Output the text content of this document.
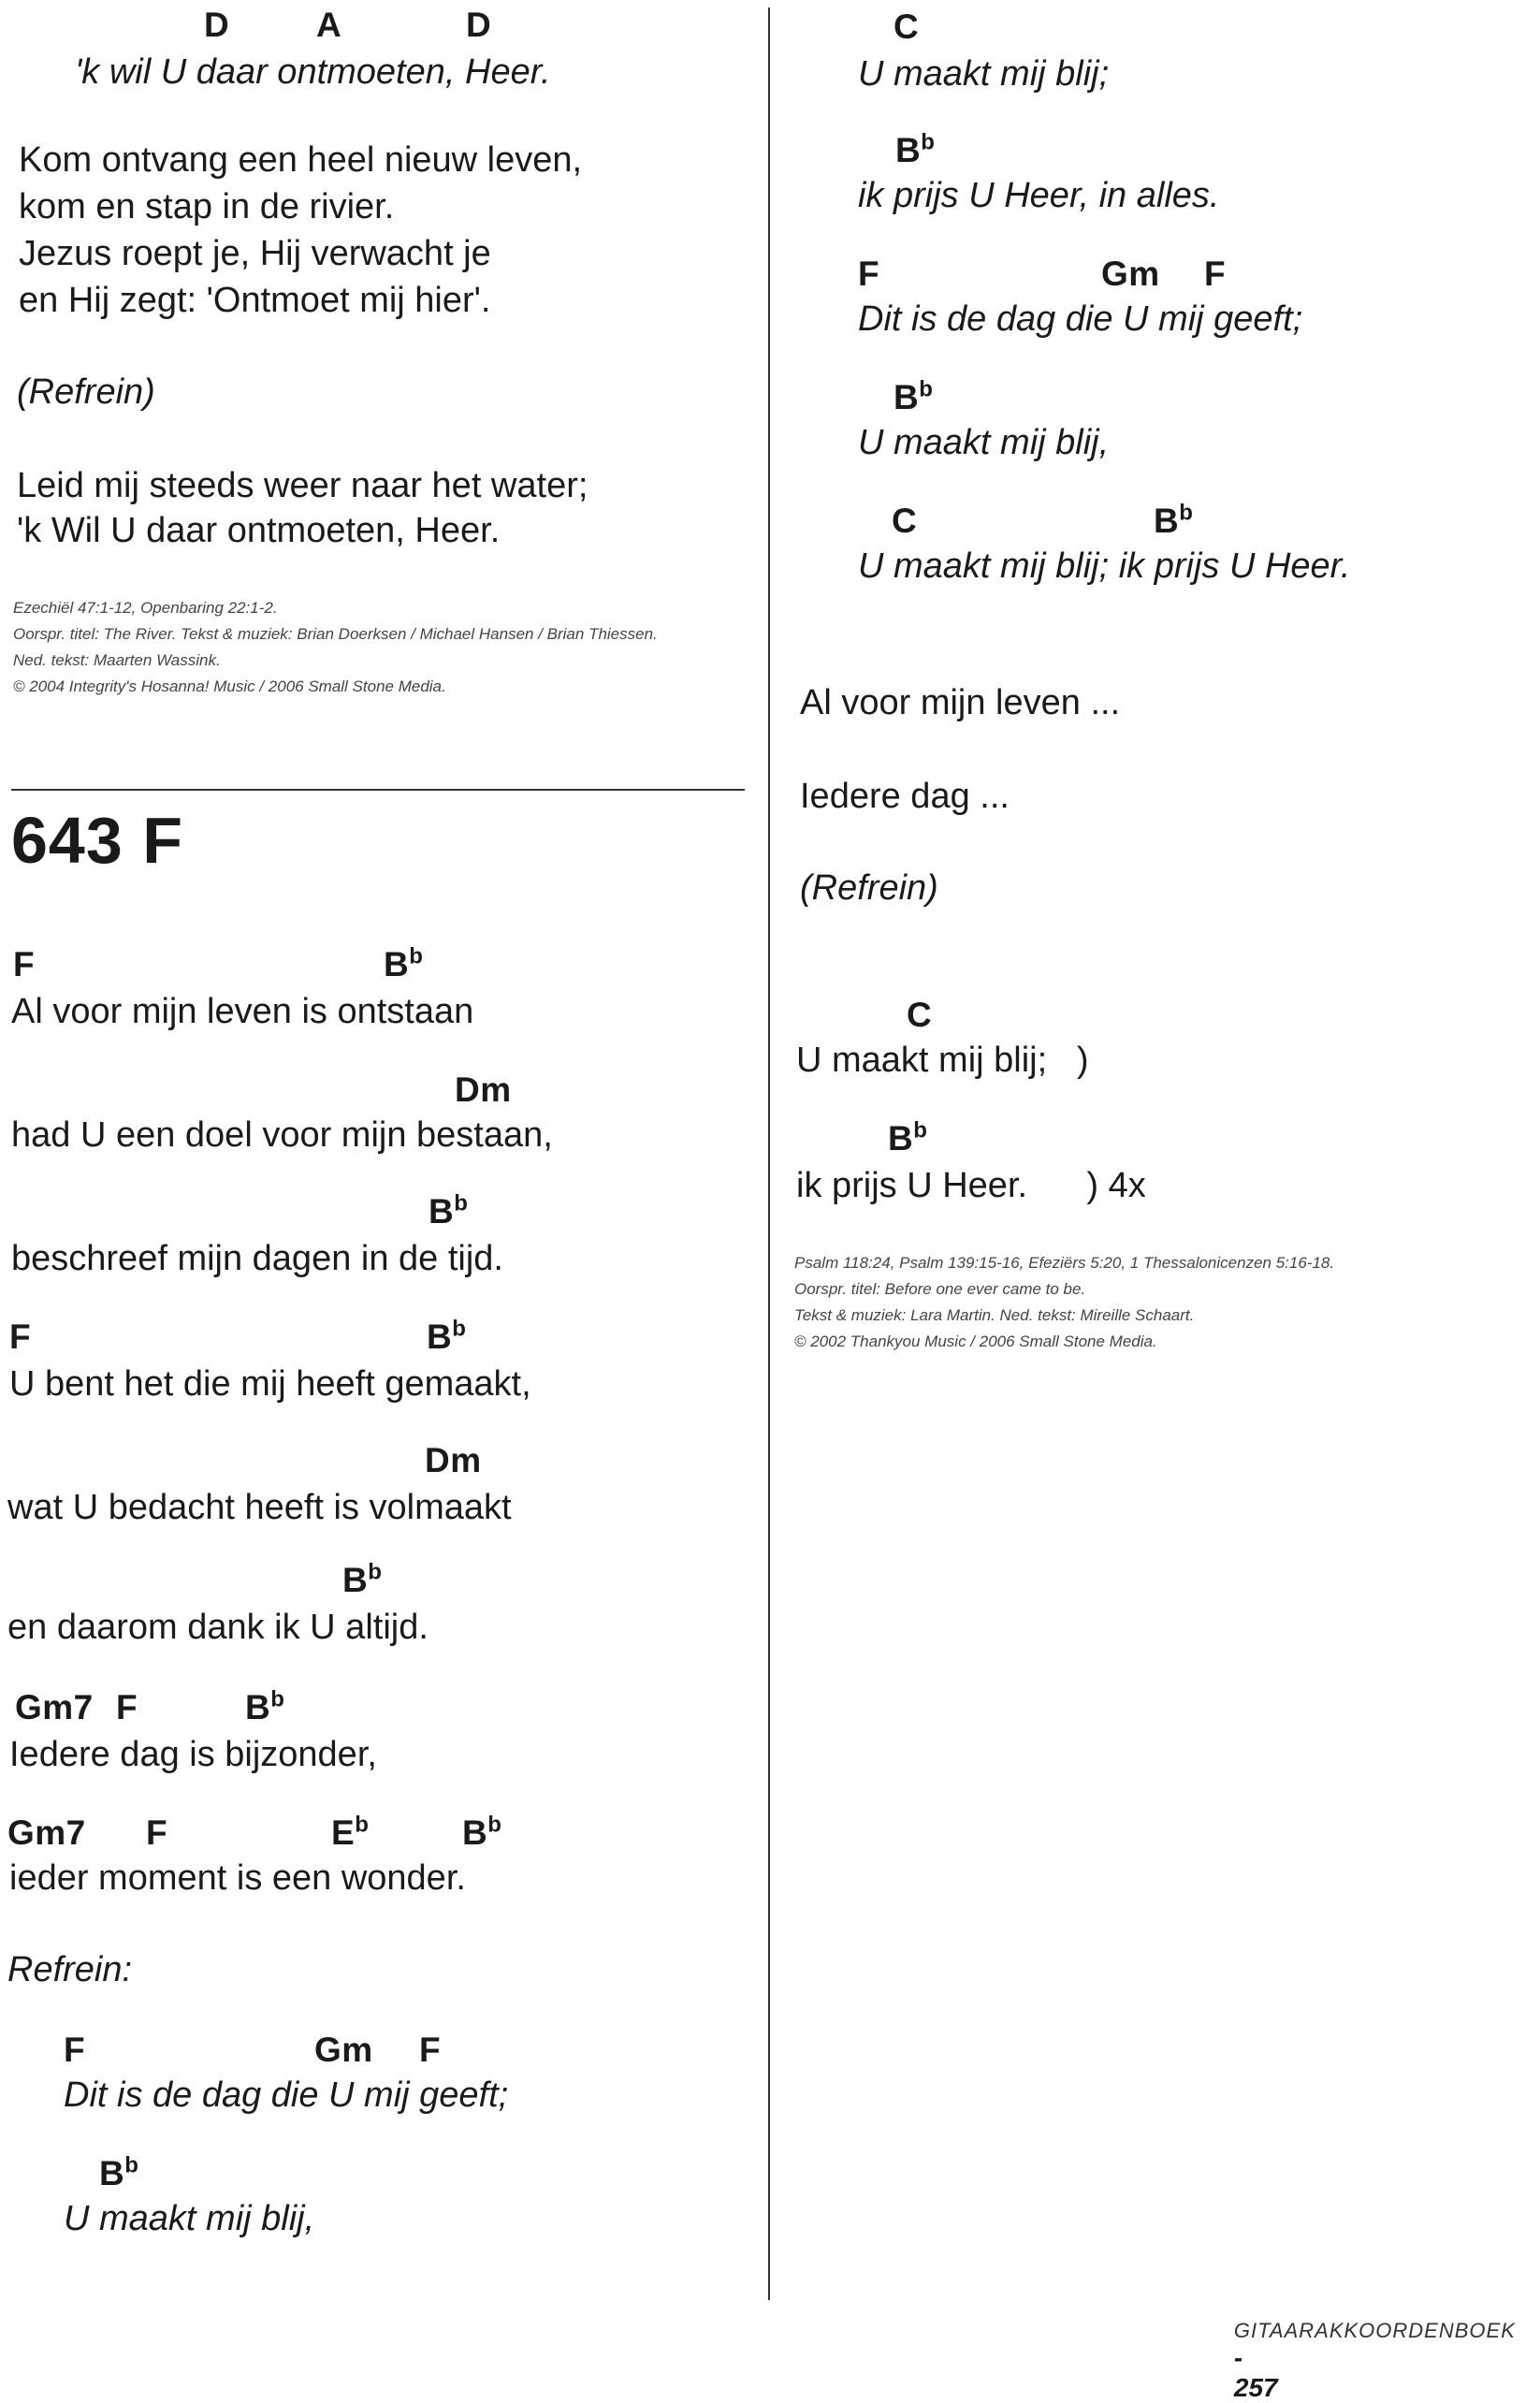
D	A	D
'k wil U daar ontmoeten, Heer.
Kom ontvang een heel nieuw leven,
kom en stap in de rivier.
Jezus roept je, Hij verwacht je
en Hij zegt: 'Ontmoet mij hier'.
(Refrein)
Leid mij steeds weer naar het water;
'k Wil U daar ontmoeten, Heer.
Ezechiël 47:1-12, Openbaring 22:1-2.
Oorspr. titel: The River. Tekst & muziek: Brian Doerksen / Michael Hansen / Brian Thiessen.
Ned. tekst: Maarten Wassink.
© 2004 Integrity's Hosanna! Music / 2006 Small Stone Media.
643 F
F	$B^b$
Al voor mijn leven is ontstaan
Dm
had U een doel voor mijn bestaan,
$B^b$
beschreef mijn dagen in de tijd.
F	$B^b$
U bent het die mij heeft gemaakt,
Dm
wat U bedacht heeft is volmaakt
$B^b$
en daarom dank ik U altijd.
Gm7 F	$B^b$
Iedere dag is bijzonder,
Gm7 F	$E^b$	$B^b$
ieder moment is een wonder.
Refrein:
F	Gm F
Dit is de dag die U mij geeft;
$B^b$
U maakt mij blij,
C
U maakt mij blij;
$B^b$
ik prijs U Heer, in alles.
F	Gm F
Dit is de dag die U mij geeft;
$B^b$
U maakt mij blij,
C	$B^b$
U maakt mij blij; ik prijs U Heer.
Al voor mijn leven ...
Iedere dag ...
(Refrein)
C
U maakt mij blij;   )
$B^b$
ik prijs U Heer.      ) 4x
Psalm 118:24, Psalm 139:15-16, Efeziërs 5:20, 1 Thessalonicenzen 5:16-18.
Oorspr. titel: Before one ever came to be.
Tekst & muziek: Lara Martin. Ned. tekst: Mireille Schaart.
© 2002 Thankyou Music / 2006 Small Stone Media.

GITAARAKKOORDENBOEK
-
257
